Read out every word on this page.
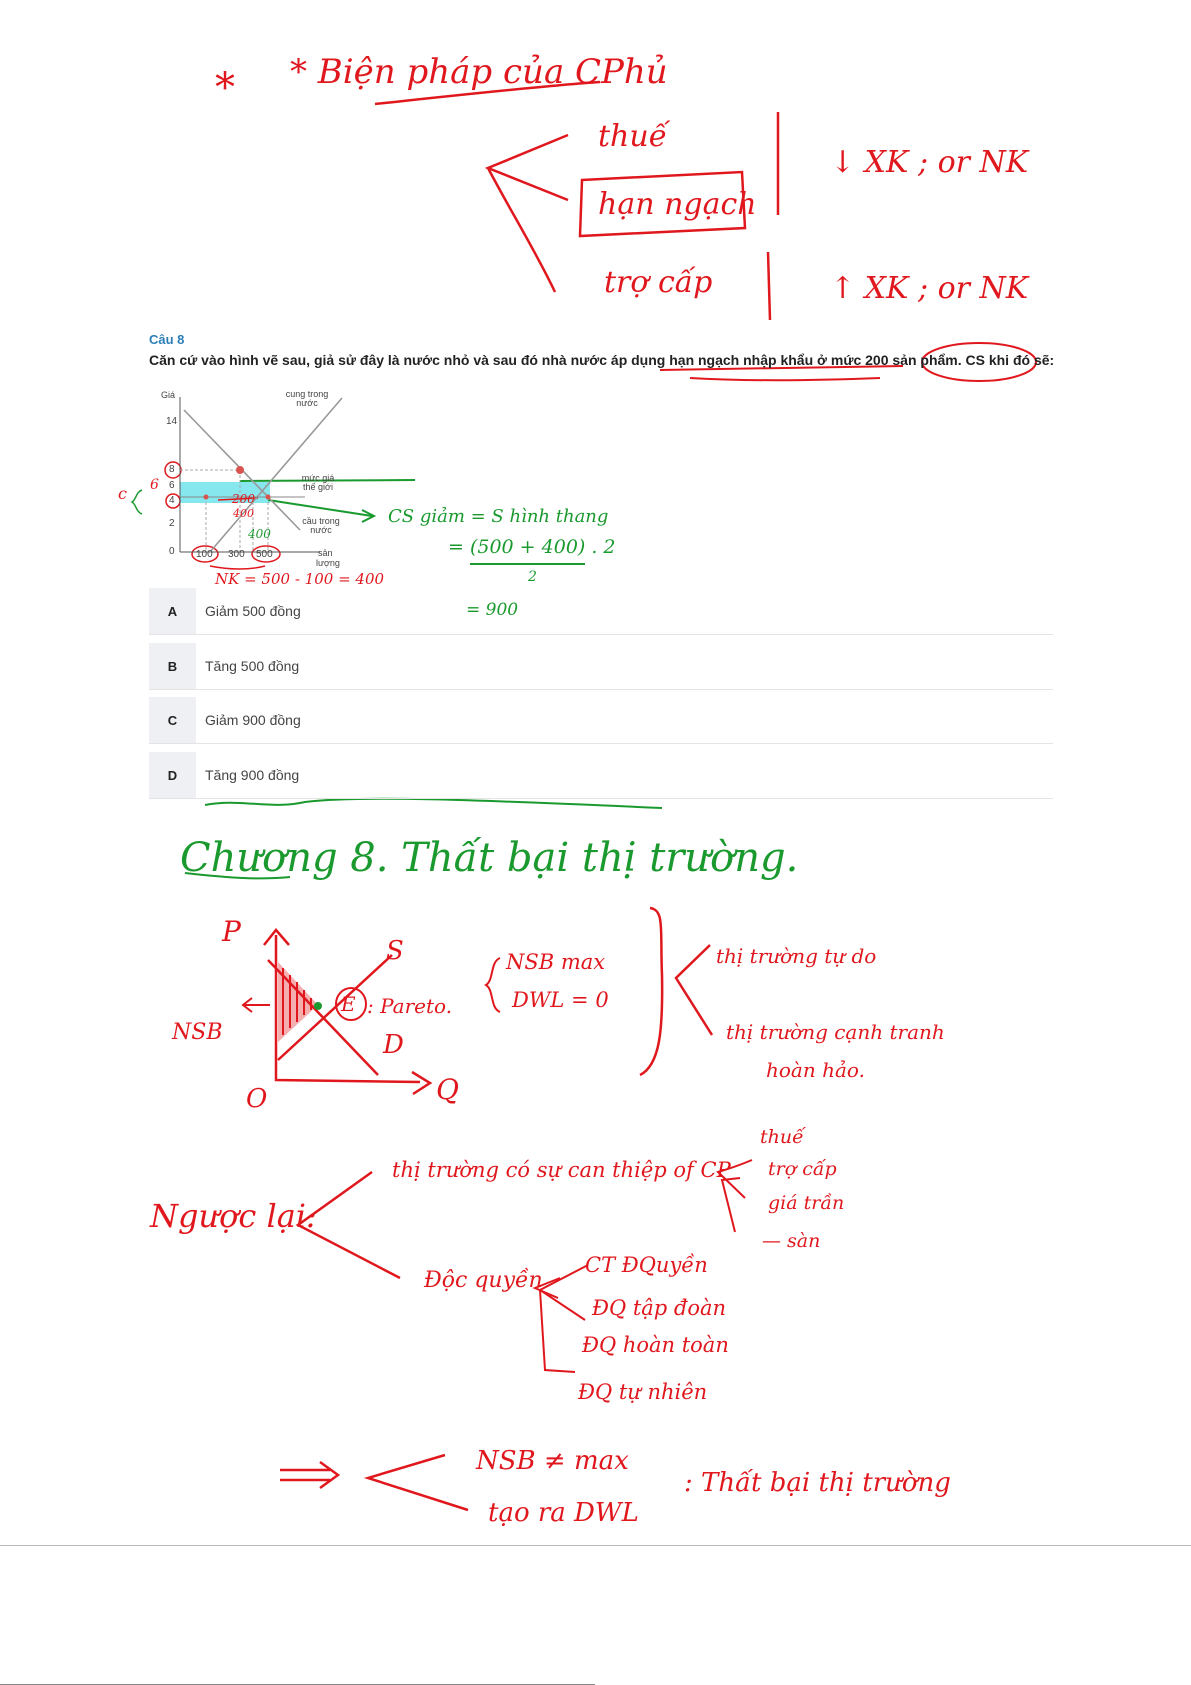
* * Biện pháp của CPhủ
thuế
hạn ngạch
trợ cấp
↓ XK ; or NK
↑ XK ; or NK
Câu 8
Căn cứ vào hình vẽ sau, giả sử đây là nước nhỏ và sau đó nhà nước áp dụng hạn ngạch nhập khẩu ở mức 200 sản phẩm. CS khi đó sẽ:
Giá
14
8
6
4
2
0 100 300 500	sản
lượng
cung trong nước
mức giá thế giới
cầu trong nước
c 6
200
400
400
CS giảm = S hình thang
= (500 + 400) . 2
2
= 900
NK = 500 - 100 = 400
A	Giảm 500 đồng
B	Tăng 500 đồng
C	Giảm 900 đồng
D	Tăng 900 đồng
Chương 8. Thất bại thị trường.
P
S
D
O	Q
E : Pareto.
NSB
NSB max
DWL = 0
thị trường tự do
thị trường cạnh tranh
hoàn hảo.
Ngược lại:
thị trường có sự can thiệp of CP
thuế
trợ cấp
giá trần
— sàn
Độc quyền
CT ĐQuyền
ĐQ tập đoàn
ĐQ hoàn toàn
ĐQ tự nhiên
NSB ≠ max
tạo ra DWL
: Thất bại thị trường
